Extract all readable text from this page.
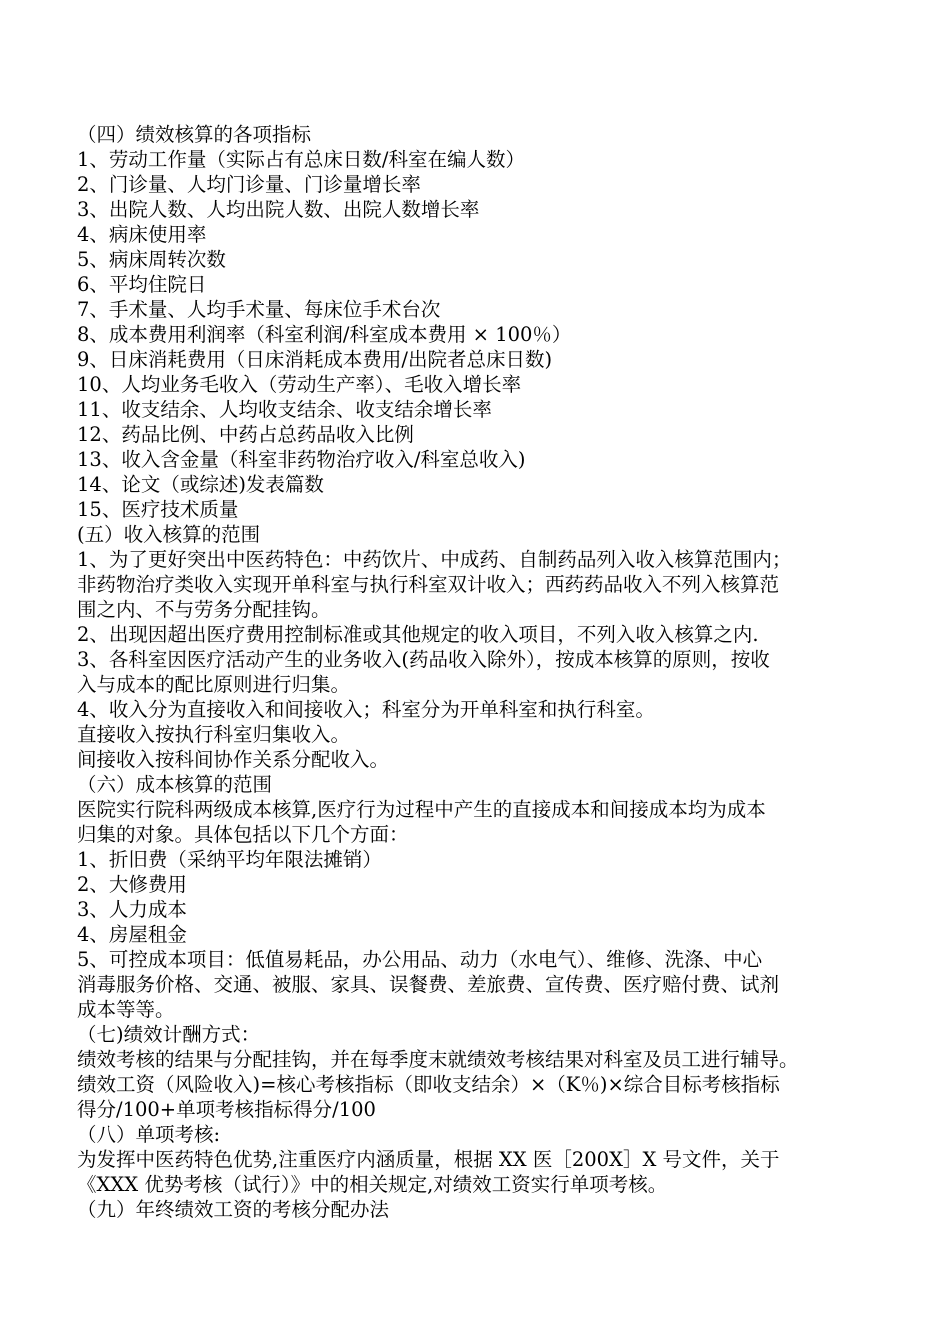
（四）绩效核算的各项指标
1、劳动工作量（实际占有总床日数/科室在编人数）
2、门诊量、人均门诊量、门诊量增长率
3、出院人数、人均出院人数、出院人数增长率
4、病床使用率
5、病床周转次数
6、平均住院日
7、手术量、人均手术量、每床位手术台次
8、成本费用利润率（科室利润/科室成本费用 × 100％）
9、日床消耗费用（日床消耗成本费用/出院者总床日数)
10、人均业务毛收入（劳动生产率）、毛收入增长率
11、收支结余、人均收支结余、收支结余增长率
12、药品比例、中药占总药品收入比例
13、收入含金量（科室非药物治疗收入/科室总收入)
14、论文（或综述)发表篇数
15、医疗技术质量
(五）收入核算的范围
1、为了更好突出中医药特色：中药饮片、中成药、自制药品列入收入核算范围内；
非药物治疗类收入实现开单科室与执行科室双计收入；西药药品收入不列入核算范
围之内、不与劳务分配挂钩。
2、出现因超出医疗费用控制标准或其他规定的收入项目，不列入收入核算之内.
3、各科室因医疗活动产生的业务收入(药品收入除外），按成本核算的原则，按收
入与成本的配比原则进行归集。
4、收入分为直接收入和间接收入；科室分为开单科室和执行科室。
直接收入按执行科室归集收入。
间接收入按科间协作关系分配收入。
（六）成本核算的范围
医院实行院科两级成本核算,医疗行为过程中产生的直接成本和间接成本均为成本
归集的对象。具体包括以下几个方面：
1、折旧费（采纳平均年限法摊销）
2、大修费用
3、人力成本
4、房屋租金
5、可控成本项目：低值易耗品，办公用品、动力（水电气）、维修、洗涤、中心
消毒服务价格、交通、被服、家具、误餐费、差旅费、宣传费、医疗赔付费、试剂
成本等等。
（七)绩效计酬方式：
绩效考核的结果与分配挂钩，并在每季度末就绩效考核结果对科室及员工进行辅导。
绩效工资（风险收入)=核心考核指标（即收支结余）×（K％)×综合目标考核指标
得分/100+单项考核指标得分/100
（八）单项考核:
为发挥中医药特色优势,注重医疗内涵质量，根据 XX 医［200X］X 号文件，关于
《XXX 优势考核（试行）》中的相关规定,对绩效工资实行单项考核。
（九）年终绩效工资的考核分配办法
